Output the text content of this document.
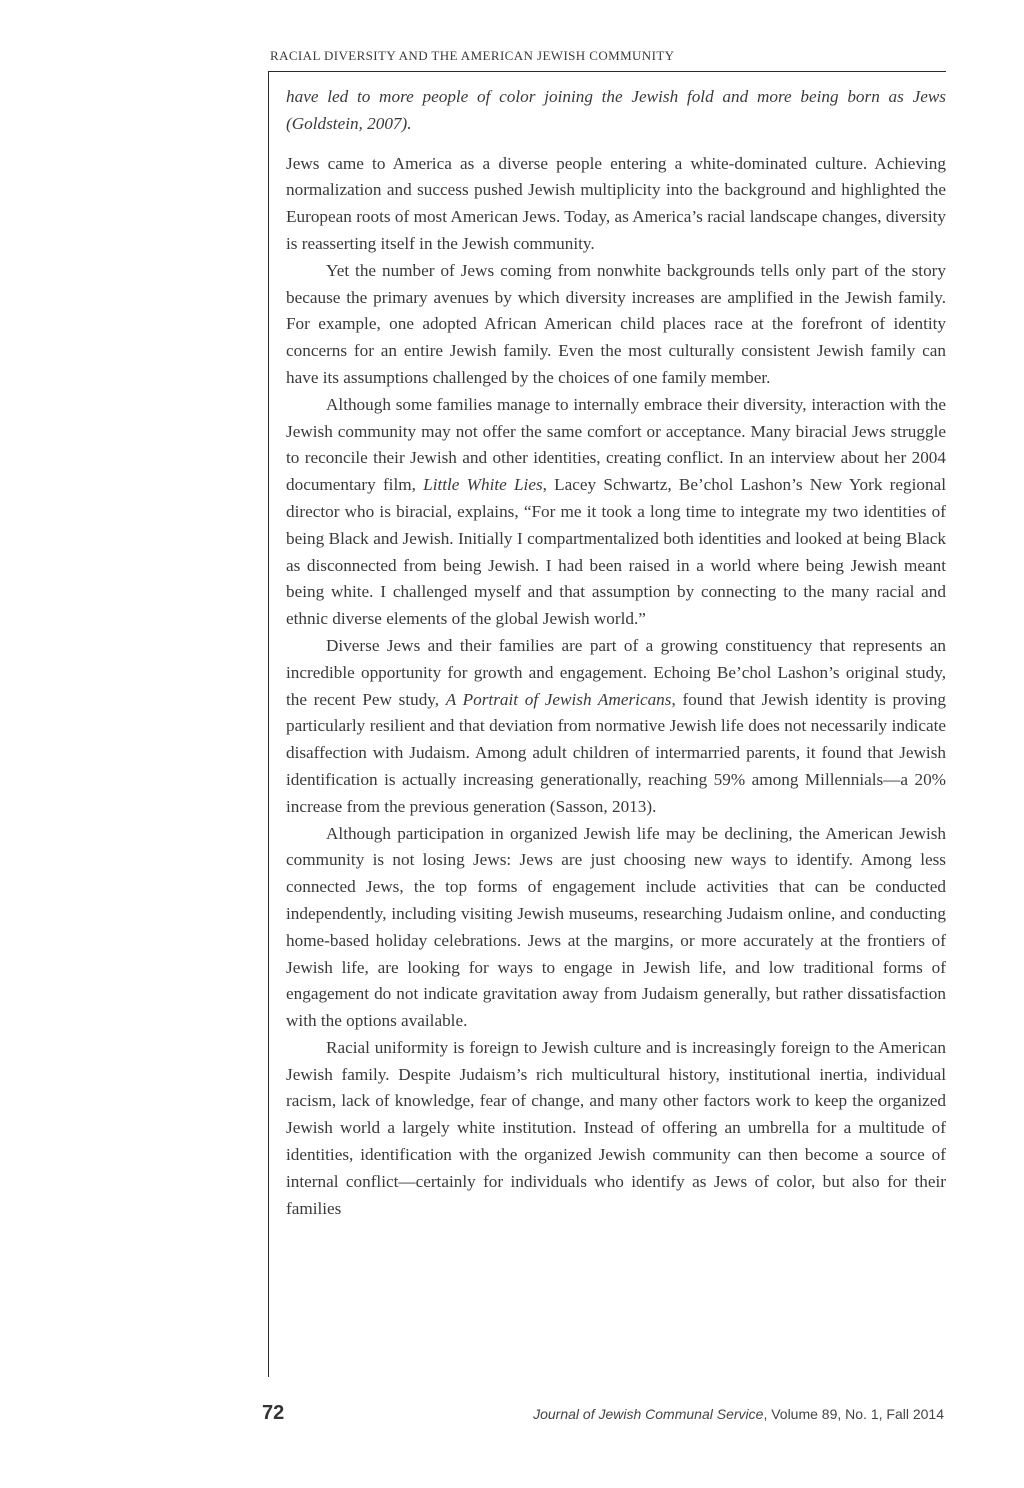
RACIAL DIVERSITY AND THE AMERICAN JEWISH COMMUNITY

have led to more people of color joining the Jewish fold and more being born as Jews (Goldstein, 2007).

Jews came to America as a diverse people entering a white-dominated culture. Achieving normalization and success pushed Jewish multiplicity into the background and highlighted the European roots of most American Jews. Today, as America’s racial landscape changes, diversity is reasserting itself in the Jewish community.

Yet the number of Jews coming from nonwhite backgrounds tells only part of the story because the primary avenues by which diversity increases are amplified in the Jewish family. For example, one adopted African American child places race at the forefront of identity concerns for an entire Jewish family. Even the most culturally consistent Jewish family can have its assumptions challenged by the choices of one family member.

Although some families manage to internally embrace their diversity, interaction with the Jewish community may not offer the same comfort or acceptance. Many biracial Jews struggle to reconcile their Jewish and other identities, creating conflict. In an interview about her 2004 documentary film, Little White Lies, Lacey Schwartz, Be’chol Lashon’s New York regional director who is biracial, explains, “For me it took a long time to integrate my two identities of being Black and Jewish. Initially I compartmentalized both identities and looked at being Black as disconnected from being Jewish. I had been raised in a world where being Jewish meant being white. I challenged myself and that assumption by connecting to the many racial and ethnic diverse elements of the global Jewish world.”

Diverse Jews and their families are part of a growing constituency that represents an incredible opportunity for growth and engagement. Echoing Be’chol Lashon’s original study, the recent Pew study, A Portrait of Jewish Americans, found that Jewish identity is proving particularly resilient and that deviation from normative Jewish life does not necessarily indicate disaffection with Judaism. Among adult children of intermarried parents, it found that Jewish identification is actually increasing generationally, reaching 59% among Millennials—a 20% increase from the previous generation (Sasson, 2013).

Although participation in organized Jewish life may be declining, the American Jewish community is not losing Jews: Jews are just choosing new ways to identify. Among less connected Jews, the top forms of engagement include activities that can be conducted independently, including visiting Jewish museums, researching Judaism online, and conducting home-based holiday celebrations. Jews at the margins, or more accurately at the frontiers of Jewish life, are looking for ways to engage in Jewish life, and low traditional forms of engagement do not indicate gravitation away from Judaism generally, but rather dissatisfaction with the options available.

Racial uniformity is foreign to Jewish culture and is increasingly foreign to the American Jewish family. Despite Judaism’s rich multicultural history, institutional inertia, individual racism, lack of knowledge, fear of change, and many other factors work to keep the organized Jewish world a largely white institution. Instead of offering an umbrella for a multitude of identities, identification with the organized Jewish community can then become a source of internal conflict—certainly for individuals who identify as Jews of color, but also for their families

72	Journal of Jewish Communal Service, Volume 89, No. 1, Fall 2014
